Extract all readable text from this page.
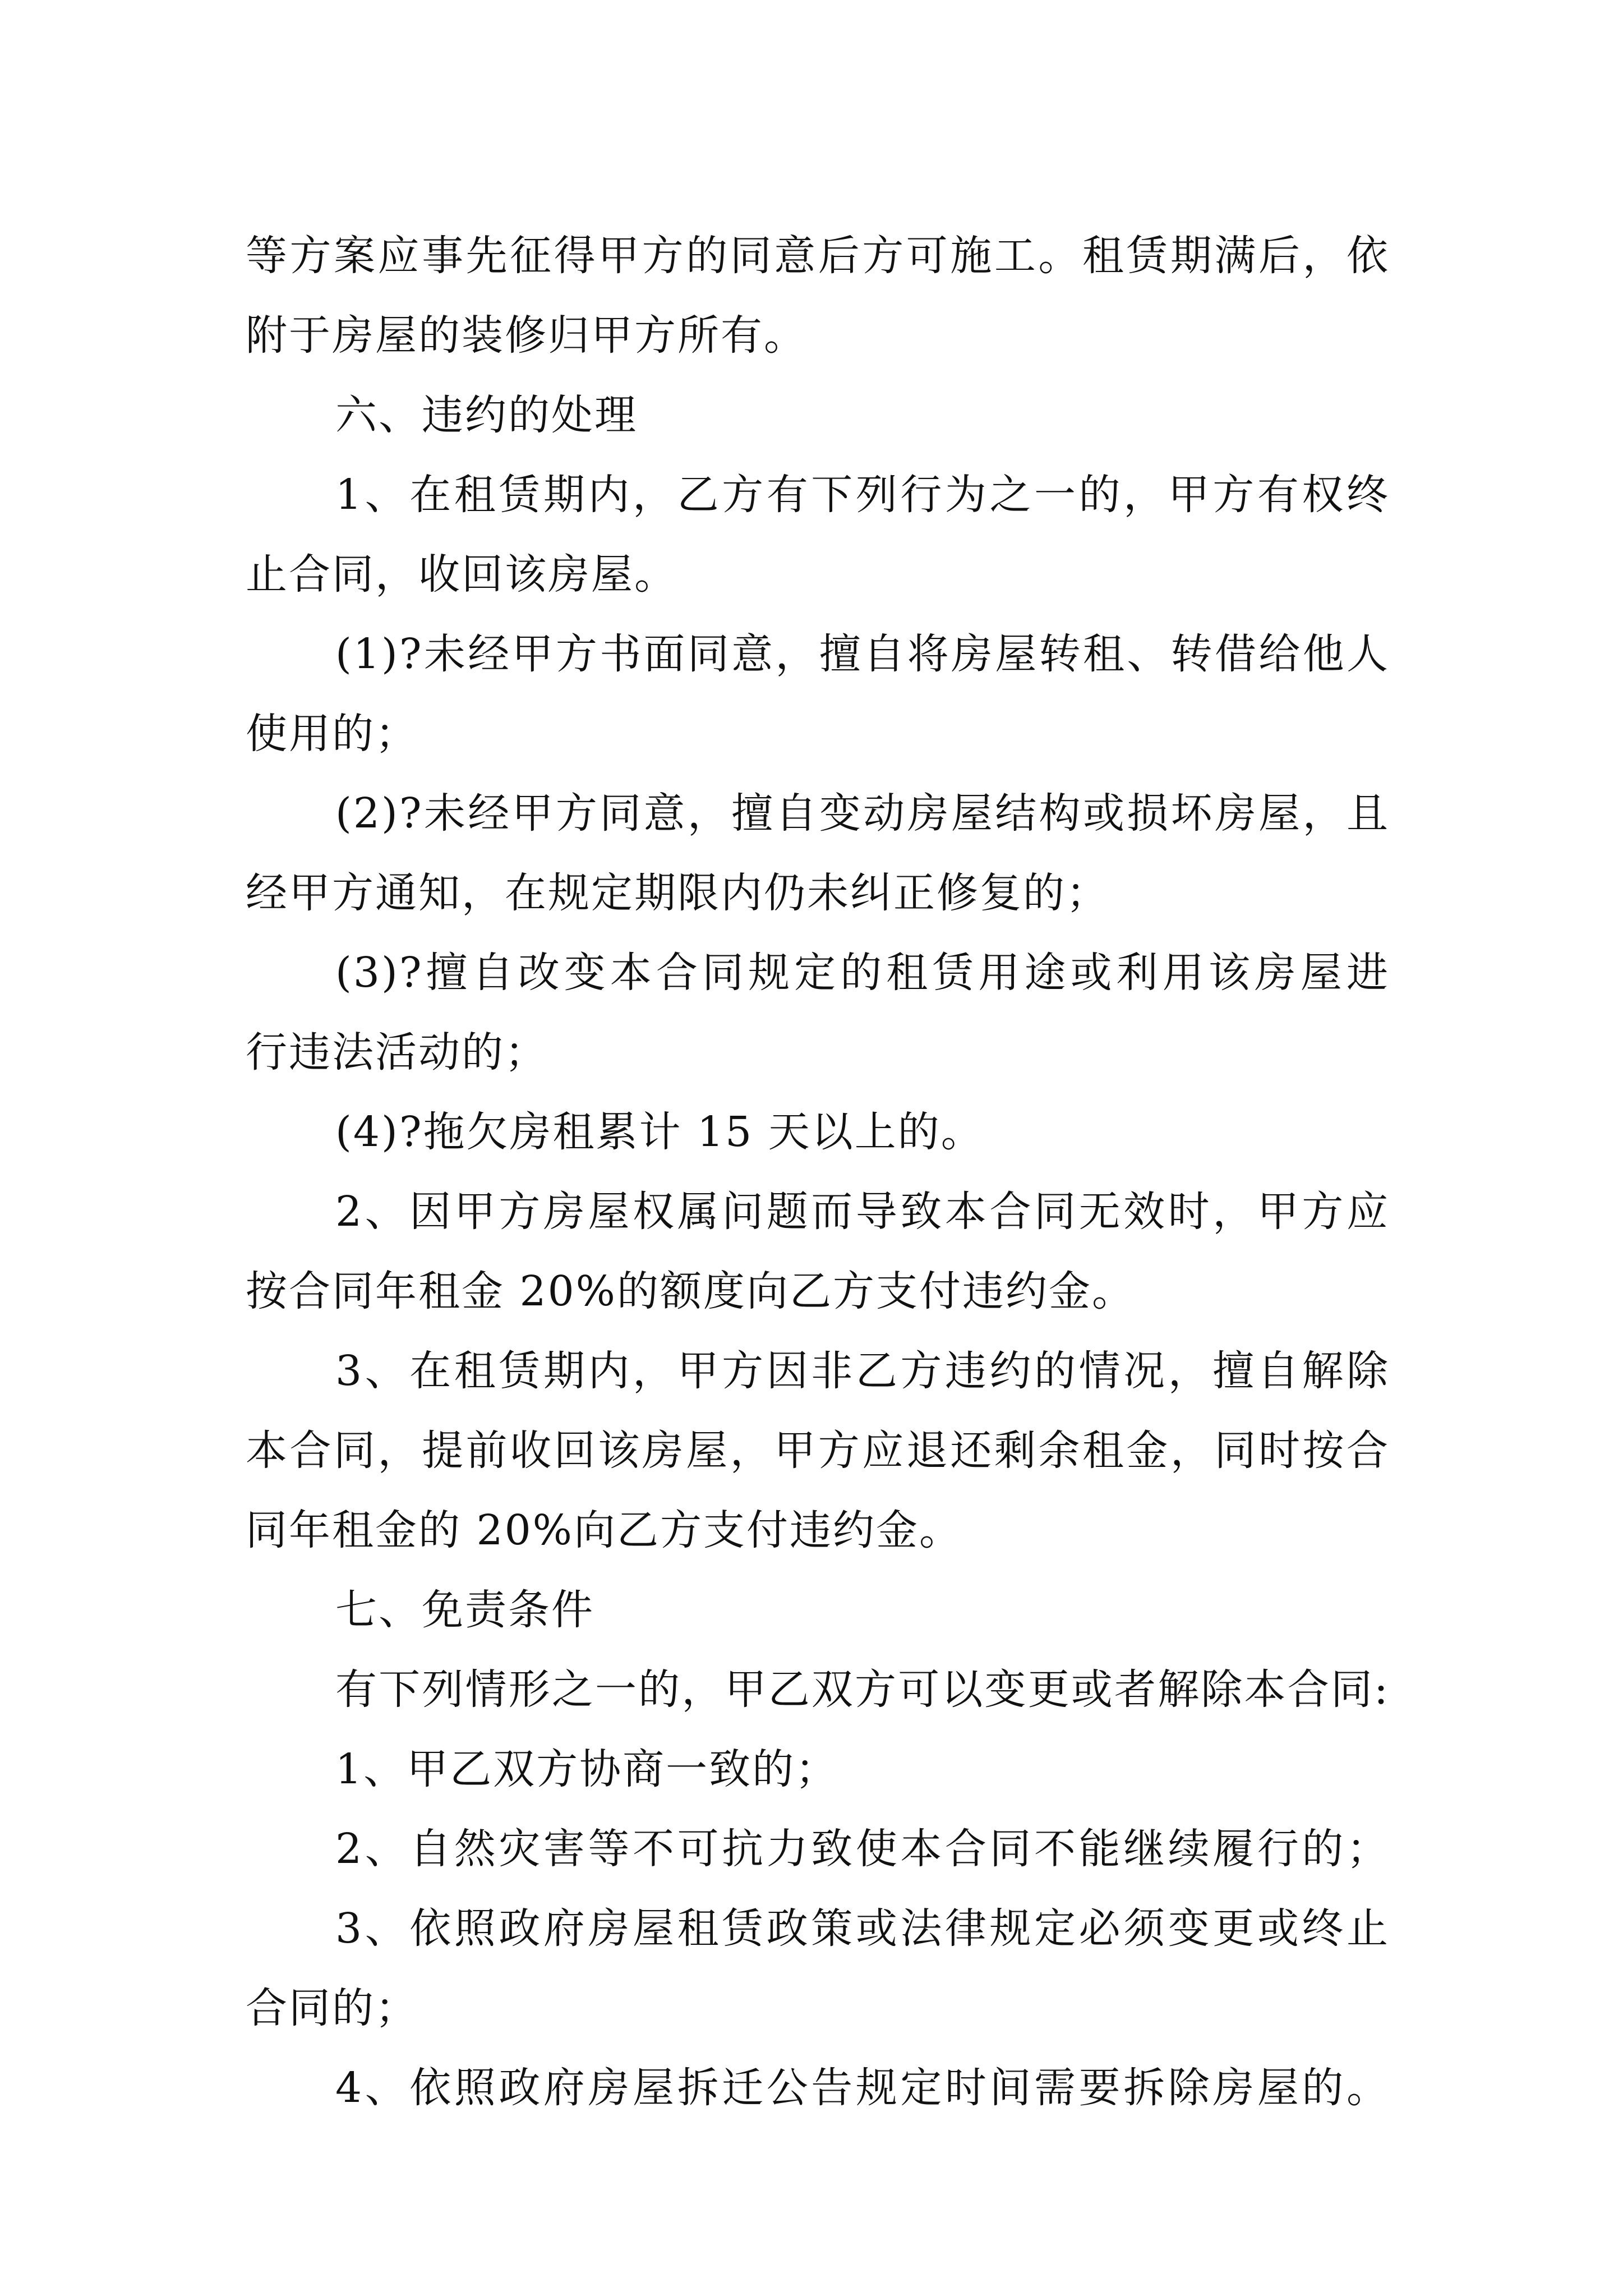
等方案应事先征得甲方的同意后方可施工。租赁期满后，依
附于房屋的装修归甲方所有。
六、违约的处理
1、在租赁期内，乙方有下列行为之一的，甲方有权终
止合同，收回该房屋。
(1)?未经甲方书面同意，擅自将房屋转租、转借给他人
使用的；
(2)?未经甲方同意，擅自变动房屋结构或损坏房屋，且
经甲方通知，在规定期限内仍未纠正修复的；
(3)?擅自改变本合同规定的租赁用途或利用该房屋进
行违法活动的；
(4)?拖欠房租累计 15 天以上的。
2、因甲方房屋权属问题而导致本合同无效时，甲方应
按合同年租金 20%的额度向乙方支付违约金。
3、在租赁期内，甲方因非乙方违约的情况，擅自解除
本合同，提前收回该房屋，甲方应退还剩余租金，同时按合
同年租金的 20%向乙方支付违约金。
七、免责条件
有下列情形之一的，甲乙双方可以变更或者解除本合同:
1、甲乙双方协商一致的；
2、自然灾害等不可抗力致使本合同不能继续履行的；
3、依照政府房屋租赁政策或法律规定必须变更或终止
合同的；
4、依照政府房屋拆迁公告规定时间需要拆除房屋的。
